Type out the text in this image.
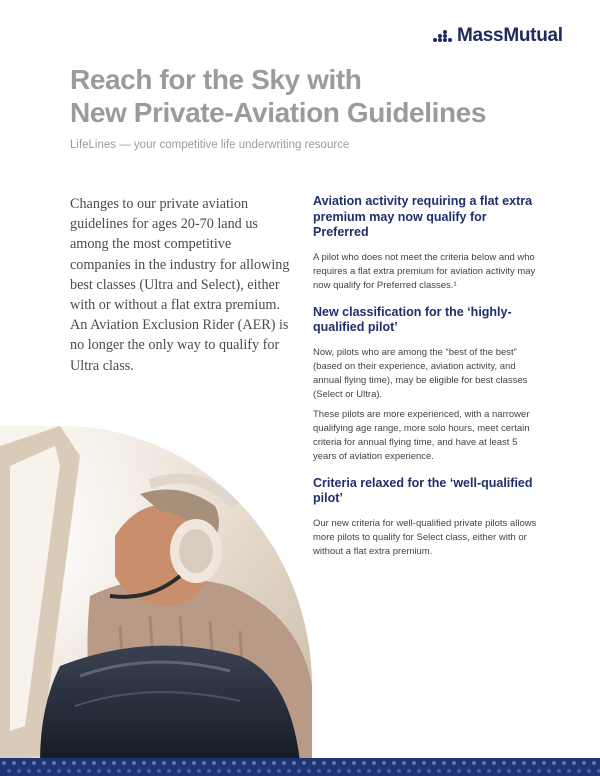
MassMutual
Reach for the Sky with
New Private-Aviation Guidelines
LifeLines — your competitive life underwriting resource
Changes to our private aviation guidelines for ages 20-70 land us among the most competitive companies in the industry for allowing best classes (Ultra and Select), either with or without a flat extra premium. An Aviation Exclusion Rider (AER) is no longer the only way to qualify for Ultra class.
Aviation activity requiring a flat extra premium may now qualify for Preferred
A pilot who does not meet the criteria below and who requires a flat extra premium for aviation activity may now qualify for Preferred classes.¹
New classification for the ‘highly-qualified pilot’
Now, pilots who are among the “best of the best” (based on their experience, aviation activity, and annual flying time), may be eligible for best classes (Select or Ultra).
These pilots are more experienced, with a narrower qualifying age range, more solo hours, meet certain criteria for annual flying time, and have at least 5 years of aviation experience.
Criteria relaxed for the ‘well-qualified pilot’
Our new criteria for well-qualified private pilots allows more pilots to qualify for Select class, either with or without a flat extra premium.
